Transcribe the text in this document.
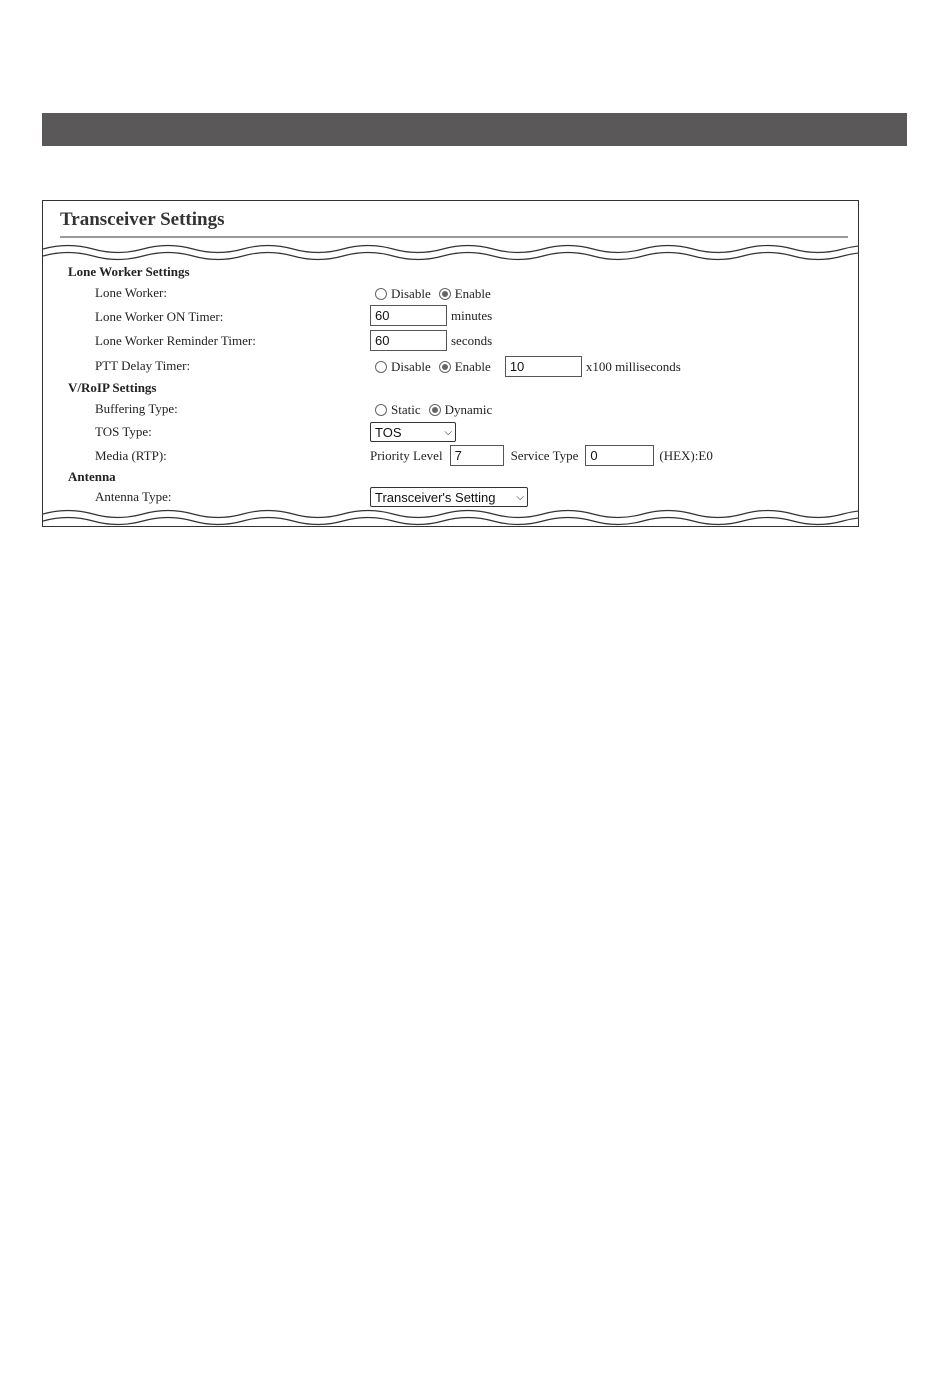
Transceiver Settings
Lone Worker Settings
Lone Worker:	Disable Enable
Lone Worker ON Timer:	60	minutes
Lone Worker Reminder Timer:	60	seconds
PTT Delay Timer:	Disable Enable	10	x100 milliseconds
V/RoIP Settings
Buffering Type:	Static Dynamic
TOS Type:	TOS	⌵
Media (RTP):	Priority Level 7	Service Type 0	(HEX):E0
Antenna
Antenna Type:	Transceiver's Setting ⌵
